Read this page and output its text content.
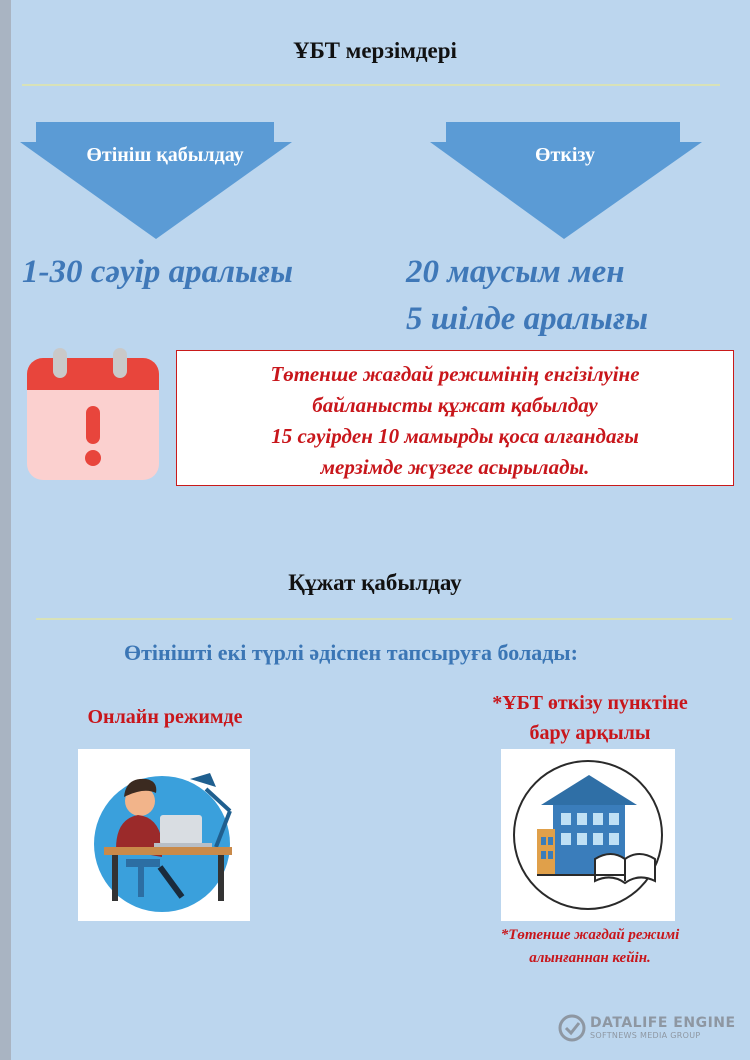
ҰБТ мерзімдері
Өтініш қабылдау	Өткізу
1-30 сәуір аралығы	20 маусым мен
5 шілде аралығы
Төтенше жағдай режимінің енгізілуіне
байланысты құжат қабылдау
15 сәуірден 10 мамырды қоса алғандағы
мерзімде жүзеге асырылады.
Құжат қабылдау
Өтінішті екі түрлі әдіспен тапсыруға болады:
Онлайн режимде
*ҰБТ өткізу пунктіне
бару арқылы
*Төтенше жағдай режимі
алынғаннан кейін.
DATALIFE ENGINE
SOFTNEWS MEDIA GROUP
